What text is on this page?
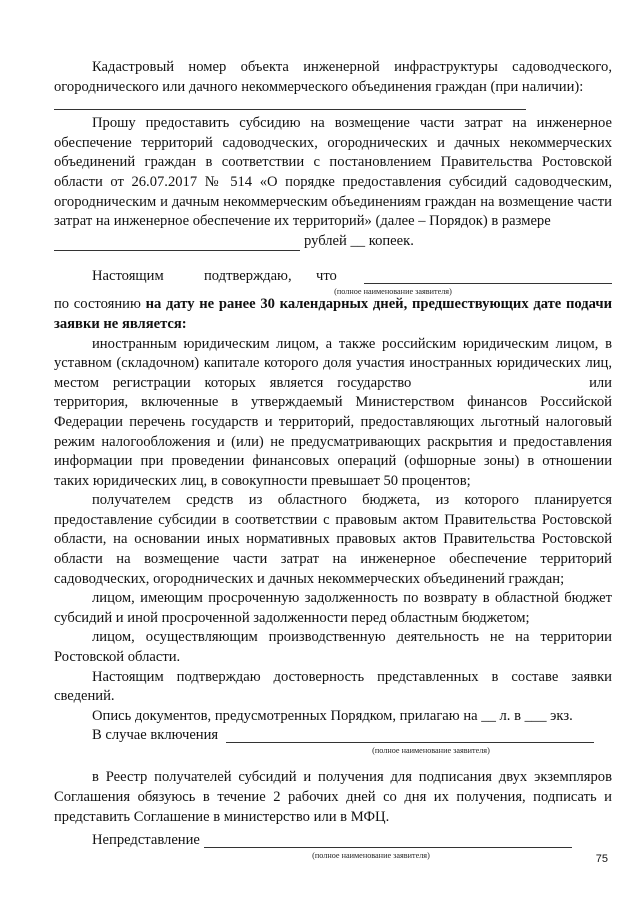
Кадастровый номер объекта инженерной инфраструктуры садоводческого, огороднического или дачного некоммерческого объединения граждан (при наличии):

Прошу предоставить субсидию на возмещение части затрат на инженерное обеспечение территорий садоводческих, огороднических и дачных некоммерческих объединений граждан в соответствии с постановлением Правительства Ростовской области от 26.07.2017 № 514 «О порядке предоставления субсидий садоводческим, огородническим и дачным некоммерческим объединениям граждан на возмещение части затрат на инженерное обеспечение их территорий» (далее – Порядок) в размере

рублей __ копеек.
Настоящим	подтверждаю, что
(полное наименование заявителя)

по состоянию на дату не ранее 30 календарных дней, предшествующих дате подачи заявки не является:

иностранным юридическим лицом, а также российским юридическим лицом, в уставном (складочном) капитале которого доля участия иностранных юридических лиц, местом регистрации которых является государство	или территория, включенные в утверждаемый Министерством финансов Российской Федерации перечень государств и территорий, предоставляющих льготный налоговый режим налогообложения и (или) не предусматривающих раскрытия и предоставления информации при проведении финансовых операций (офшорные зоны) в отношении таких юридических лиц, в совокупности превышает 50 процентов;

получателем средств из областного бюджета, из которого планируется предоставление субсидии в соответствии с правовым актом Правительства Ростовской области, на основании иных нормативных правовых актов Правительства Ростовской области на возмещение части затрат на инженерное обеспечение территорий садоводческих, огороднических и дачных некоммерческих объединений граждан;

лицом, имеющим просроченную задолженность по возврату в областной бюджет субсидий и иной просроченной задолженности перед областным бюджетом;

лицом, осуществляющим производственную деятельность не на территории Ростовской области.

Настоящим подтверждаю достоверность представленных в составе заявки сведений.

Опись документов, предусмотренных Порядком, прилагаю на __ л. в ___ экз.

В случае включения
(полное наименование заявителя)

в Реестр получателей субсидий и получения для подписания двух экземпляров Соглашения обязуюсь в течение 2 рабочих дней со дня их получения, подписать и представить Соглашение в министерство или в МФЦ.

Непредставление
(полное наименование заявителя)	75
